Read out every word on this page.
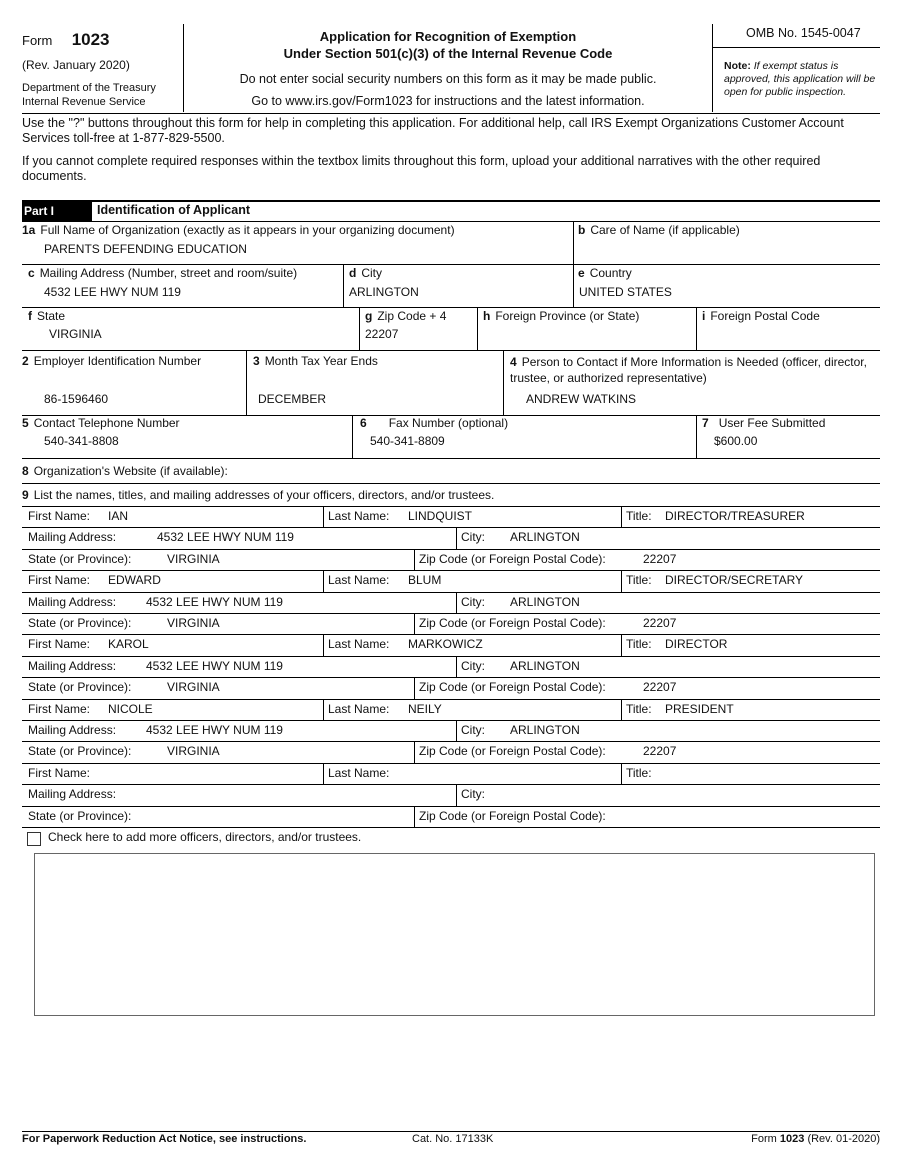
Form 1023
(Rev. January 2020)
Department of the Treasury
Internal Revenue Service
Application for Recognition of Exemption
Under Section 501(c)(3) of the Internal Revenue Code
Do not enter social security numbers on this form as it may be made public.
Go to www.irs.gov/Form1023 for instructions and the latest information.
OMB No. 1545-0047
Note: If exempt status is approved, this application will be open for public inspection.
Use the "?" buttons throughout this form for help in completing this application. For additional help, call IRS Exempt Organizations Customer Account Services toll-free at 1-877-829-5500.
If you cannot complete required responses within the textbox limits throughout this form, upload your additional narratives with the other required documents.
Part I	Identification of Applicant
1a Full Name of Organization (exactly as it appears in your organizing document)
PARENTS DEFENDING EDUCATION
b Care of Name (if applicable)
c Mailing Address (Number, street and room/suite)
4532 LEE HWY NUM 119
d City
ARLINGTON
e Country
UNITED STATES
f State
VIRGINIA
g Zip Code + 4
22207
h Foreign Province (or State)	i Foreign Postal Code
2 Employer Identification Number
86-1596460
3 Month Tax Year Ends
DECEMBER
4 Person to Contact if More Information is Needed (officer, director, trustee, or authorized representative)
ANDREW WATKINS
5 Contact Telephone Number
540-341-8808
6 Fax Number (optional)
540-341-8809
7 User Fee Submitted
$600.00
8 Organization's Website (if available):
9 List the names, titles, and mailing addresses of your officers, directors, and/or trustees.
First Name: IAN	Last Name: LINDQUIST	Title: DIRECTOR/TREASURER
Mailing Address:	4532 LEE HWY NUM 119	City: ARLINGTON
State (or Province):	VIRGINIA	Zip Code (or Foreign Postal Code):	22207
First Name: EDWARD	Last Name: BLUM	Title: DIRECTOR/SECRETARY
Mailing Address: 4532 LEE HWY NUM 119	City: ARLINGTON
State (or Province):	VIRGINIA	Zip Code (or Foreign Postal Code):	22207
First Name: KAROL	Last Name: MARKOWICZ	Title: DIRECTOR
Mailing Address: 4532 LEE HWY NUM 119	City: ARLINGTON
State (or Province):	VIRGINIA	Zip Code (or Foreign Postal Code):	22207
First Name: NICOLE	Last Name: NEILY	Title: PRESIDENT
Mailing Address: 4532 LEE HWY NUM 119	City: ARLINGTON
State (or Province):	VIRGINIA	Zip Code (or Foreign Postal Code):	22207
First Name:	Last Name:	Title:
Mailing Address:	City:
State (or Province):	Zip Code (or Foreign Postal Code):
Check here to add more officers, directors, and/or trustees.
For Paperwork Reduction Act Notice, see instructions.	Cat. No. 17133K	Form 1023 (Rev. 01-2020)
